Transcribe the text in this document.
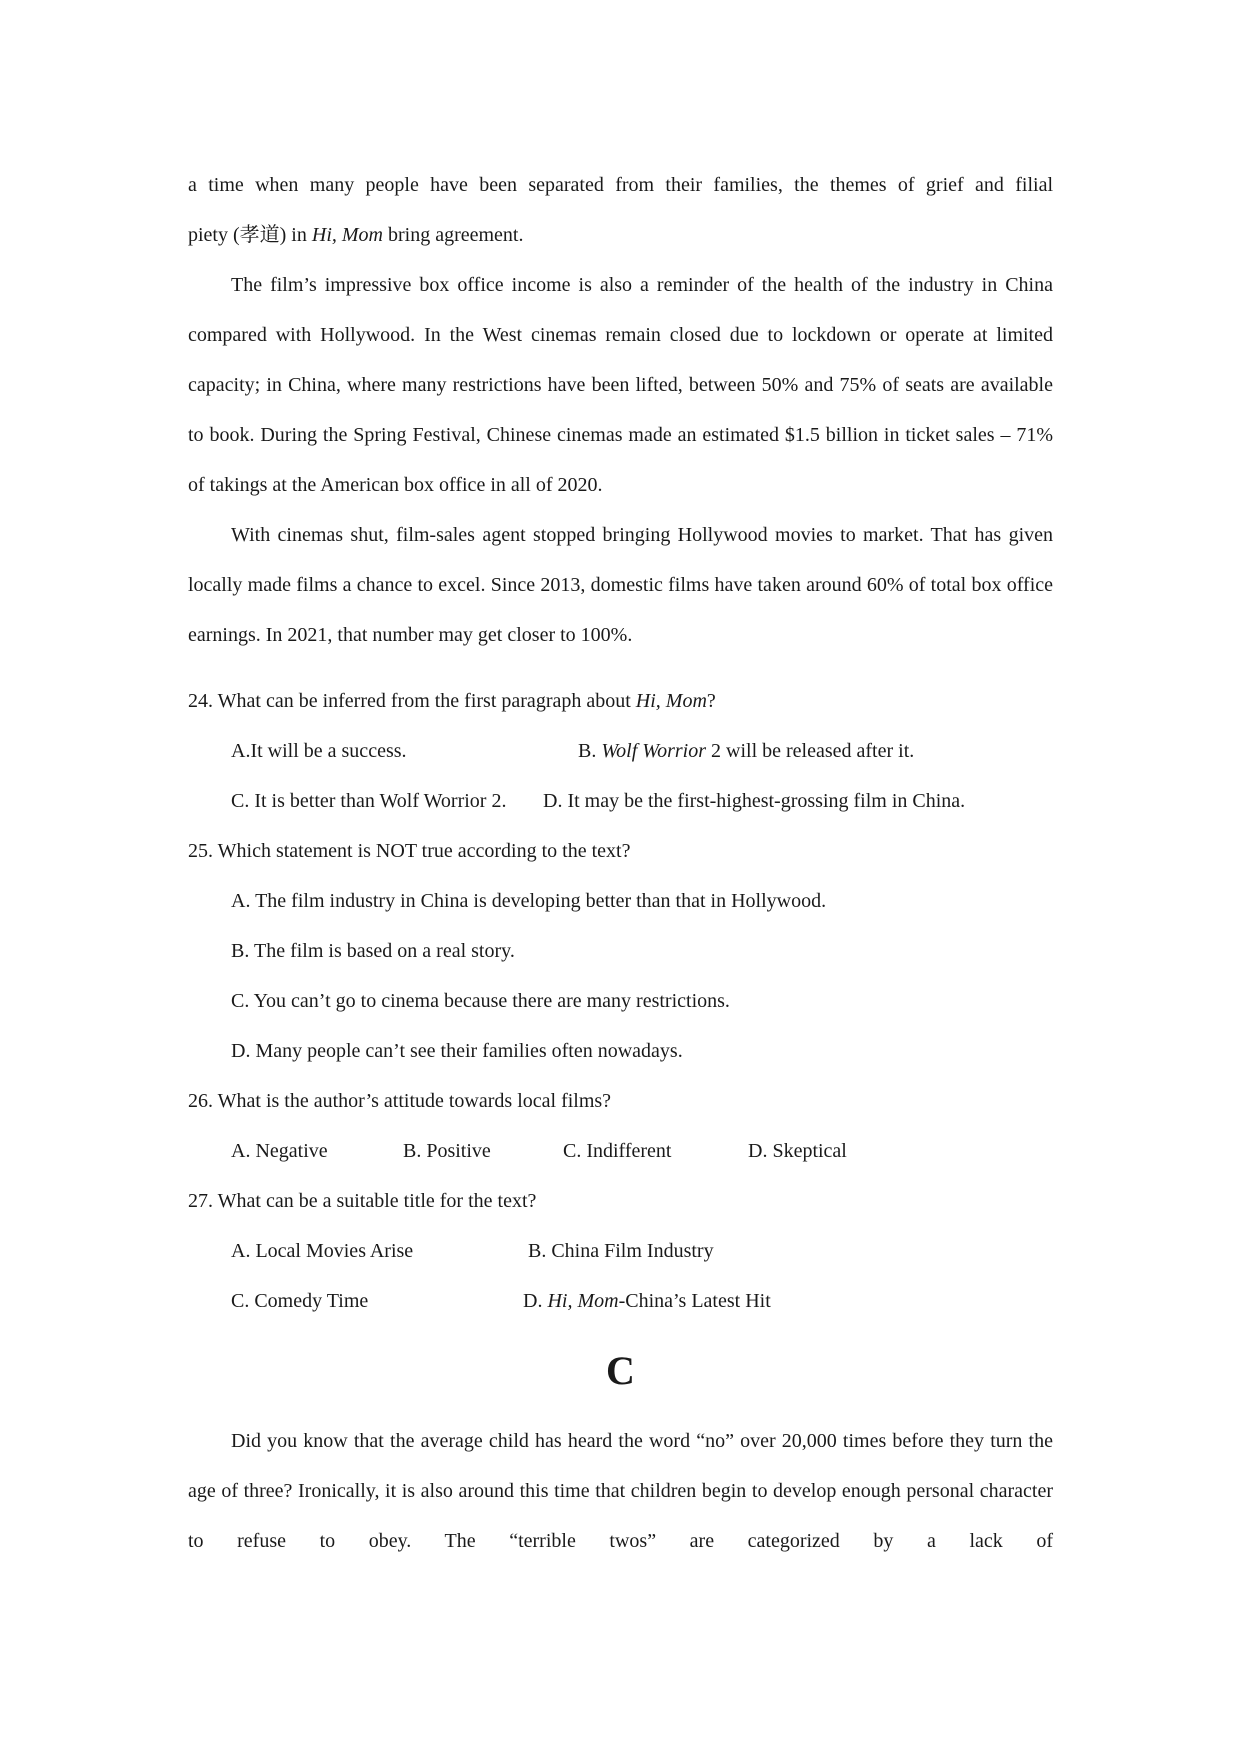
a time when many people have been separated from their families, the themes of grief and filial

piety (孝道) in Hi, Mom bring agreement.

The film’s impressive box office income is also a reminder of the health of the industry in China compared with Hollywood. In the West cinemas remain closed due to lockdown or operate at limited capacity; in China, where many restrictions have been lifted, between 50% and 75% of seats are available to book. During the Spring Festival, Chinese cinemas made an estimated $1.5 billion in ticket sales – 71% of takings at the American box office in all of 2020.

With cinemas shut, film-sales agent stopped bringing Hollywood movies to market. That has given locally made films a chance to excel. Since 2013, domestic films have taken around 60% of total box office earnings. In 2021, that number may get closer to 100%.

24. What can be inferred from the first paragraph about Hi, Mom?

A.It will be a success.	B. Wolf Worrior 2 will be released after it.
C. It is better than Wolf Worrior 2. D. It may be the first-highest-grossing film in China.

25. Which statement is NOT true according to the text?

A. The film industry in China is developing better than that in Hollywood.

B. The film is based on a real story.

C. You can’t go to cinema because there are many restrictions.

D. Many people can’t see their families often nowadays.

26. What is the author’s attitude towards local films?

A. Negative	B. Positive	C. Indifferent	D. Skeptical

27. What can be a suitable title for the text?

A. Local Movies Arise	B. China Film Industry
C. Comedy Time	D. Hi, Mom-China’s Latest Hit
C

Did you know that the average child has heard the word “no” over 20,000 times before they turn the age of three? Ironically, it is also around this time that children begin to develop enough personal character to refuse to obey. The “terrible twos” are categorized by a lack of
